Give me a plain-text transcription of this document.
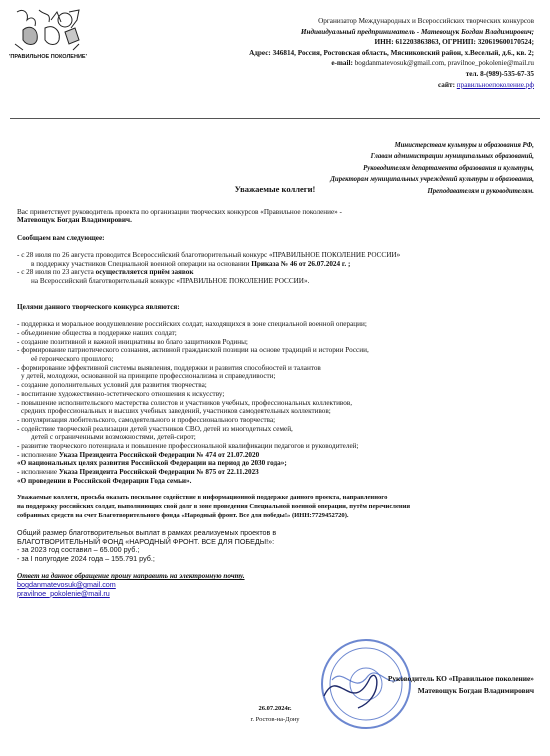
"ПРАВИЛЬНОЕ ПОКОЛЕНИЕ"
Организатор Международных и Всероссийских творческих конкурсов
Индивидуальный предприниматель - Матевощук Богдан Владимирович;
ИНН: 612203863863, ОГРНИП: 320619600170524;
Адрес: 346814, Россия, Ростовская область, Мясниковский район, х.Веселый, д.6., кв. 2;
e-mail: bogdanmatevosuk@gmail.com, pravilnoe_pokolenie@mail.ru
тел. 8-(989)-535-67-35
сайт: правильноепоколение.рф
Министерствам культуры и образования РФ,
Главам администрации муниципальных образований,
Руководителям департамента образования и культуры,
Директорам муниципальных учреждений культуры и образования,
Преподавателям и руководителям.
Уважаемые коллеги!

Вас приветствует руководитель проекта по организации творческих конкурсов «Правильное поколение» -

Матевощук Богдан Владимирович.

Сообщаем вам следующее:

- с 28 июля по 26 августа проводится Всероссийский благотворительный конкурс «ПРАВИЛЬНОЕ ПОКОЛЕНИЕ РОССИИ»

в поддержку участников Специальной военной операции на основании Приказа № 46 от 26.07.2024 г. ;

- с 28 июля по 23 августа осуществляется приём заявок

на Всероссийский благотворительный конкурс «ПРАВИЛЬНОЕ ПОКОЛЕНИЕ РОССИИ».

Целями данного творческого конкурса являются:

- поддержка и моральное воодушевление российских солдат, находящихся в зоне специальной военной операции;

- объединение общества в поддержке наших солдат;

- создание позитивной и важной инициативы во благо защитников Родины;

- формирование патриотического сознания, активной гражданской позиции на основе традиций и истории России,

её героического прошлого;

- формирование эффективной системы выявления, поддержки и развития способностей и талантов

у детей, молодежи, основанной на принципе профессионализма и справедливости;

- создание дополнительных условий для развития творчества;

- воспитание художественно-эстетического отношения к искусству;

- повышение исполнительского мастерства солистов и участников учебных, профессиональных коллективов,

средних профессиональных и высших учебных заведений, участников самодеятельных коллективов;

- популяризация любительского, самодеятельного и профессионального творчества;

- содействие творческой реализации детей участников СВО, детей из многодетных семей,

детей с ограниченными возможностями, детей-сирот;

- развитие творческого потенциала и повышение профессиональной квалификации педагогов и руководителей;

- исполнение Указа Президента Российской Федерации № 474 от 21.07.2020

«О национальных целях развития Российской Федерации на период до 2030 года»;

- исполнение Указа Президента Российской Федерации № 875 от 22.11.2023

«О проведении в Российской Федерации Года семьи».

Уважаемые коллеги, просьба оказать посильное содействие в информационной поддержке данного проекта, направленного

на поддержку российских солдат, выполняющих свой долг в зоне проведения Специальной военной операции, путём перечисления

собранных средств на счет Благотворительного фонда «Народный фронт. Все для победы!» (ИНН:7729452720).

Общий размер благотворительных выплат в рамках реализуемых проектов в

БЛАГОТВОРИТЕЛЬНЫЙ ФОНД «НАРОДНЫЙ ФРОНТ. ВСЕ ДЛЯ ПОБЕДЫ!»:

- за 2023 год составил – 65.000 руб.;

- за I полугодие 2024 года – 155.791 руб.;

Ответ на данное обращение прошу направить на электронную почту.

bogdanmatevosuk@gmail.com

pravilnoe_pokolenie@mail.ru

Руководитель КО «Правильное поколение»
Матевощук Богдан Владимирович
26.07.2024г.
г. Ростов-на-Дону
